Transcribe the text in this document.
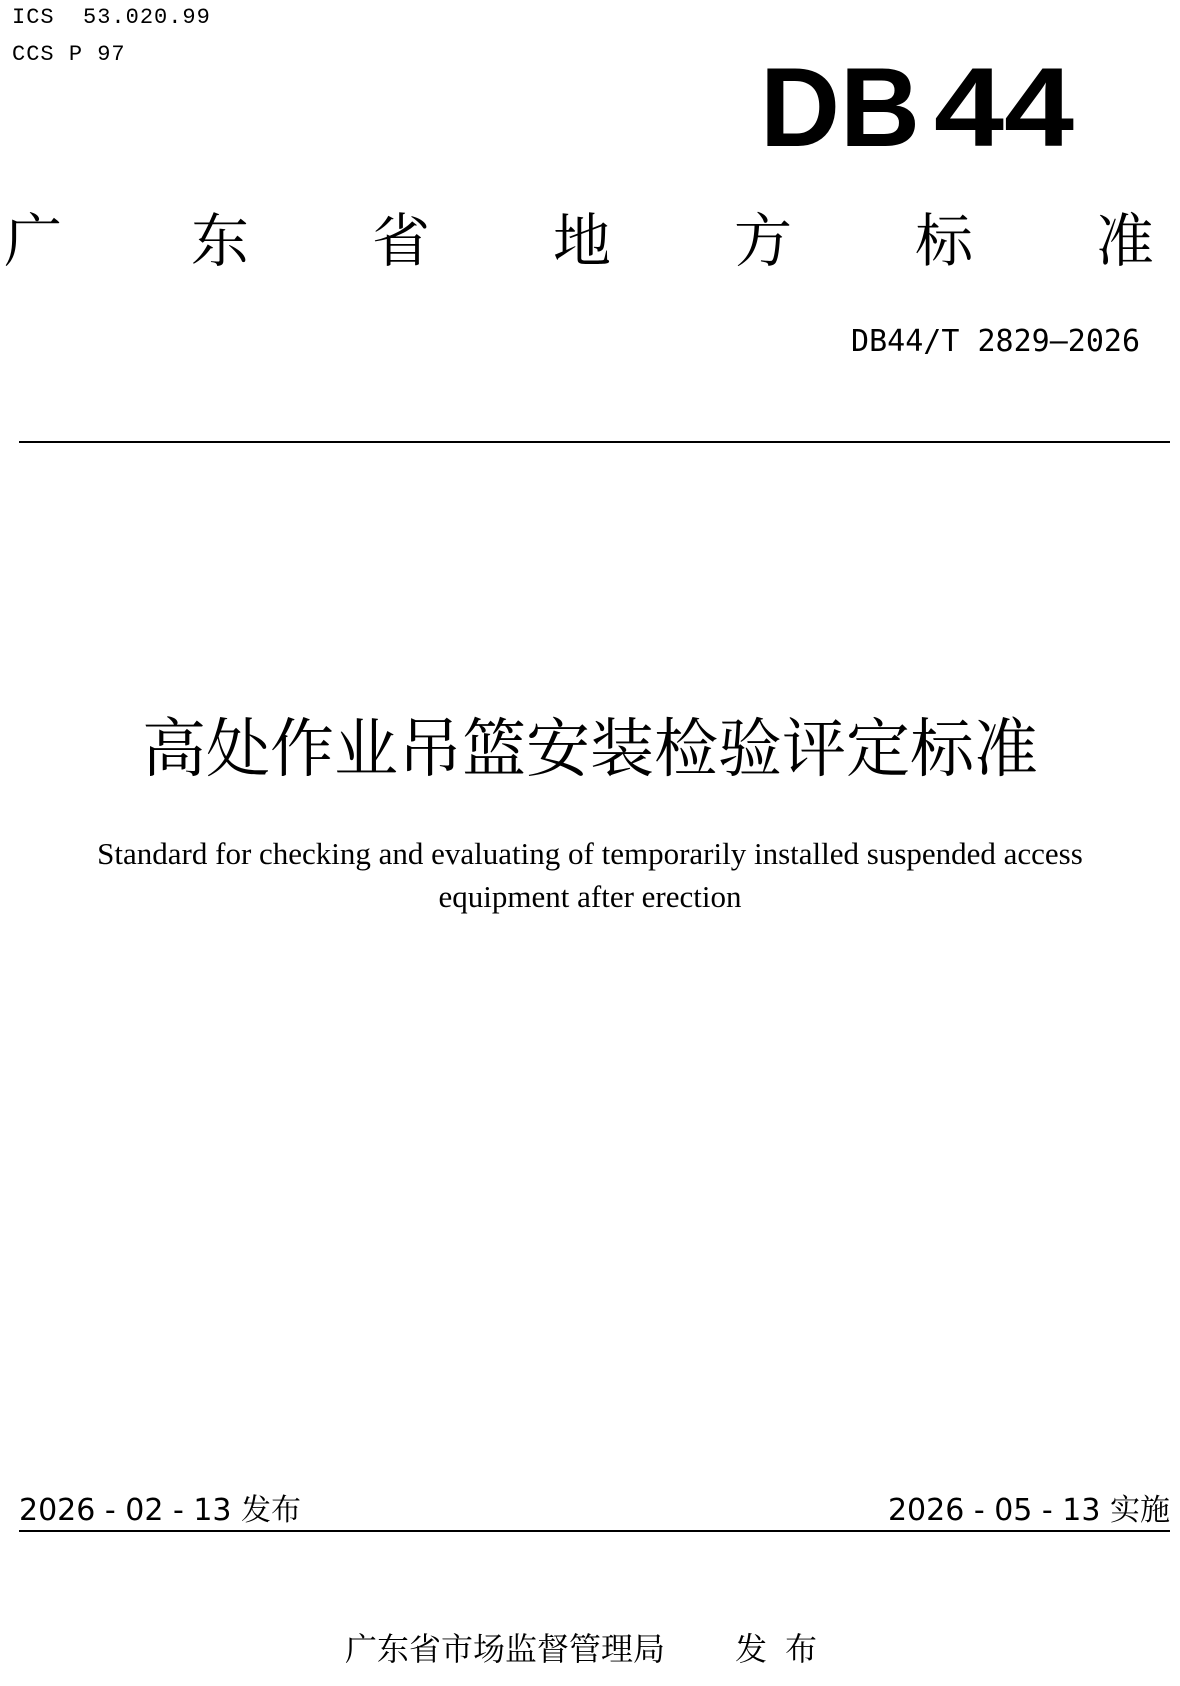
ICS 53.020.99
CCS P 97	DB 44
广 东 省 地 方 标 准
DB44/T 2829—2026
高处作业吊篮安装检验评定标准
Standard for checking and evaluating of temporarily installed suspended access equipment after erection
2026 - 02 - 13 发布	2026 - 05 - 13 实施
广东省市场监督管理局 发布
